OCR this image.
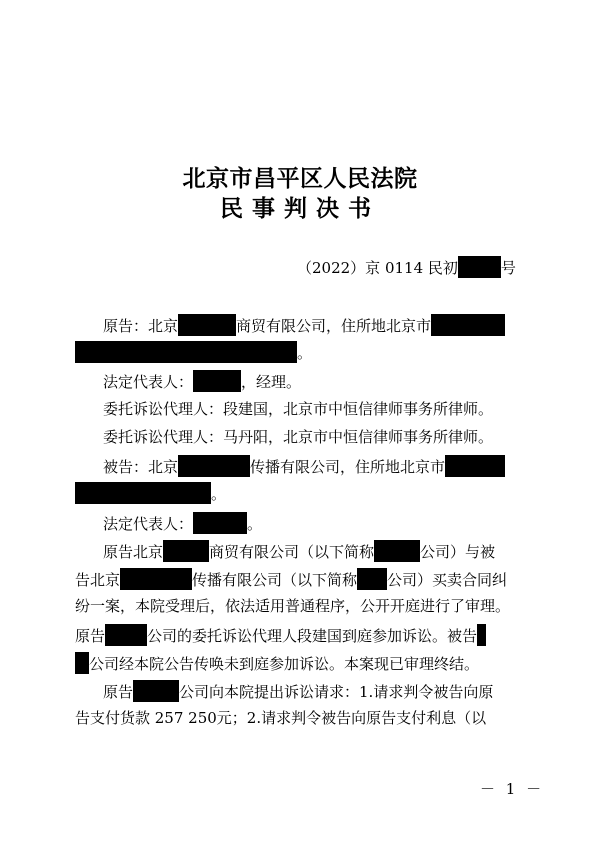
北京市昌平区人民法院
民事判决书
（2022）京 0114 民初	号
原告：北京	商贸有限公司，住所地北京市
。
法定代表人：	，经理。
委托诉讼代理人：段建国，北京市中恒信律师事务所律师。
委托诉讼代理人：马丹阳，北京市中恒信律师事务所律师。
被告：北京	传播有限公司，住所地北京市
。
法定代表人：	。
原告北京	商贸有限公司（以下简称	公司）与被
告北京	传播有限公司（以下简称 公司）买卖合同纠
纷一案，本院受理后，依法适用普通程序，公开开庭进行了审理。
原告	公司的委托诉讼代理人段建国到庭参加诉讼。被告
公司经本院公告传唤未到庭参加诉讼。本案现已审理终结。
原告	公司向本院提出诉讼请求：1.请求判令被告向原
告支付货款 257 250元；2.请求判令被告向原告支付利息（以
－ 1 －
